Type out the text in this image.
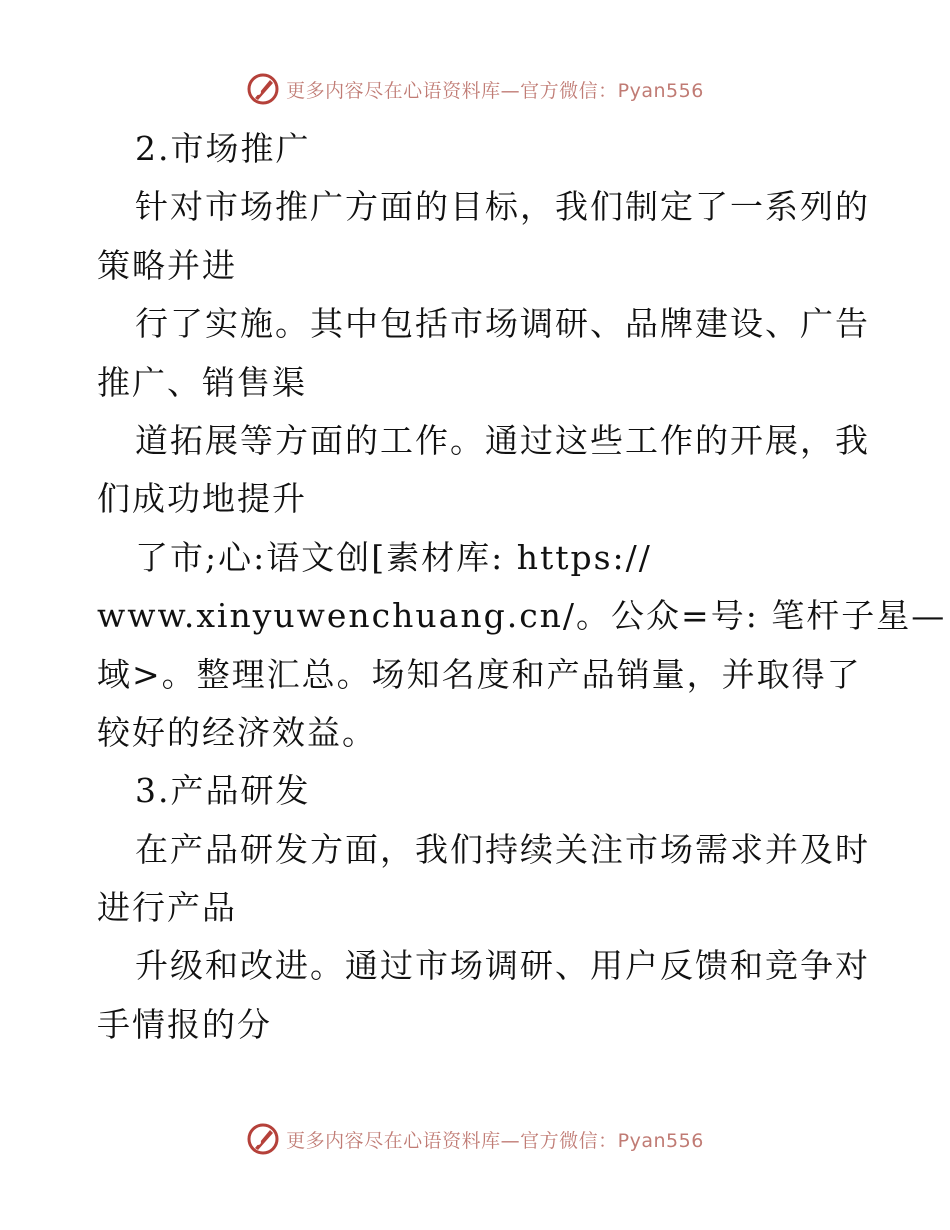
更多内容尽在心语资料库—官方微信：Pyan556
2.市场推广
针对市场推广方面的目标，我们制定了一系列的
策略并进
行了实施。其中包括市场调研、品牌建设、广告
推广、销售渠
道拓展等方面的工作。通过这些工作的开展，我
们成功地提升
了市;心:语文创[素材库: https://
www.xinyuwenchuang.cn/。公众=号: 笔杆子星—
域>。整理汇总。场知名度和产品销量，并取得了
较好的经济效益。
3.产品研发
在产品研发方面，我们持续关注市场需求并及时
进行产品
升级和改进。通过市场调研、用户反馈和竞争对
手情报的分
更多内容尽在心语资料库—官方微信：Pyan556
